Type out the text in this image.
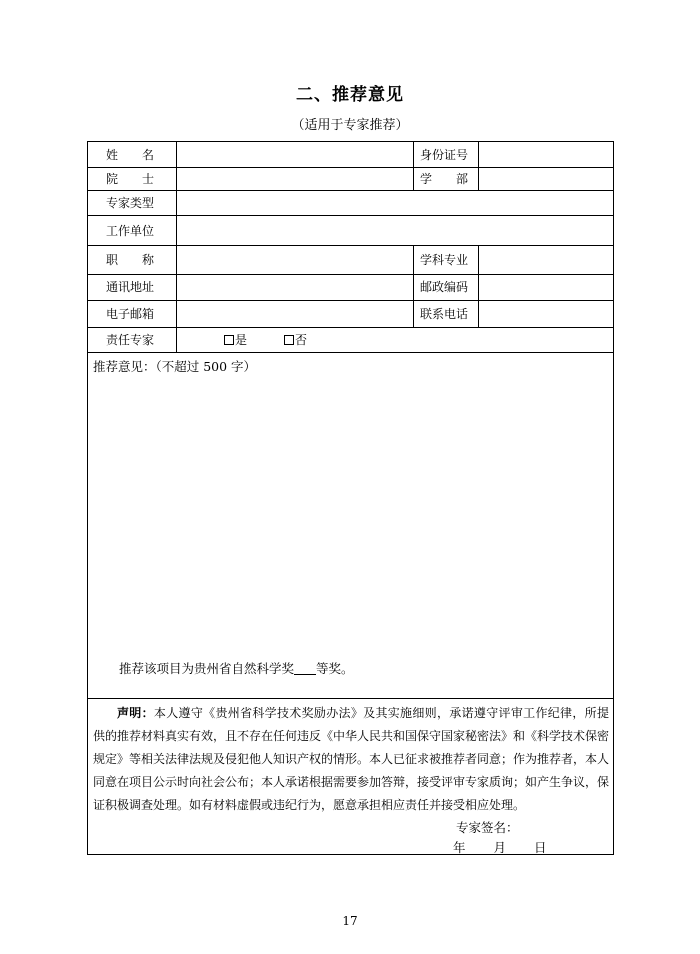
二、推荐意见
（适用于专家推荐）
姓　　名	身份证号
院　　士	学　　部
专家类型
工作单位
职　　称	学科专业
通讯地址	邮政编码
电子邮箱	联系电话
责任专家	是	否
推荐意见：（不超过 500 字）
推荐该项目为贵州省自然科学奖 等奖。
声明：本人遵守《贵州省科学技术奖励办法》及其实施细则，承诺遵守评审工作纪律，所提供的推荐材料真实有效，且不存在任何违反《中华人民共和国保守国家秘密法》和《科学技术保密规定》等相关法律法规及侵犯他人知识产权的情形。本人已征求被推荐者同意；作为推荐者，本人同意在项目公示时向社会公布；本人承诺根据需要参加答辩，接受评审专家质询；如产生争议，保证积极调查处理。如有材料虚假或违纪行为，愿意承担相应责任并接受相应处理。
专家签名：
年 月 日
17
